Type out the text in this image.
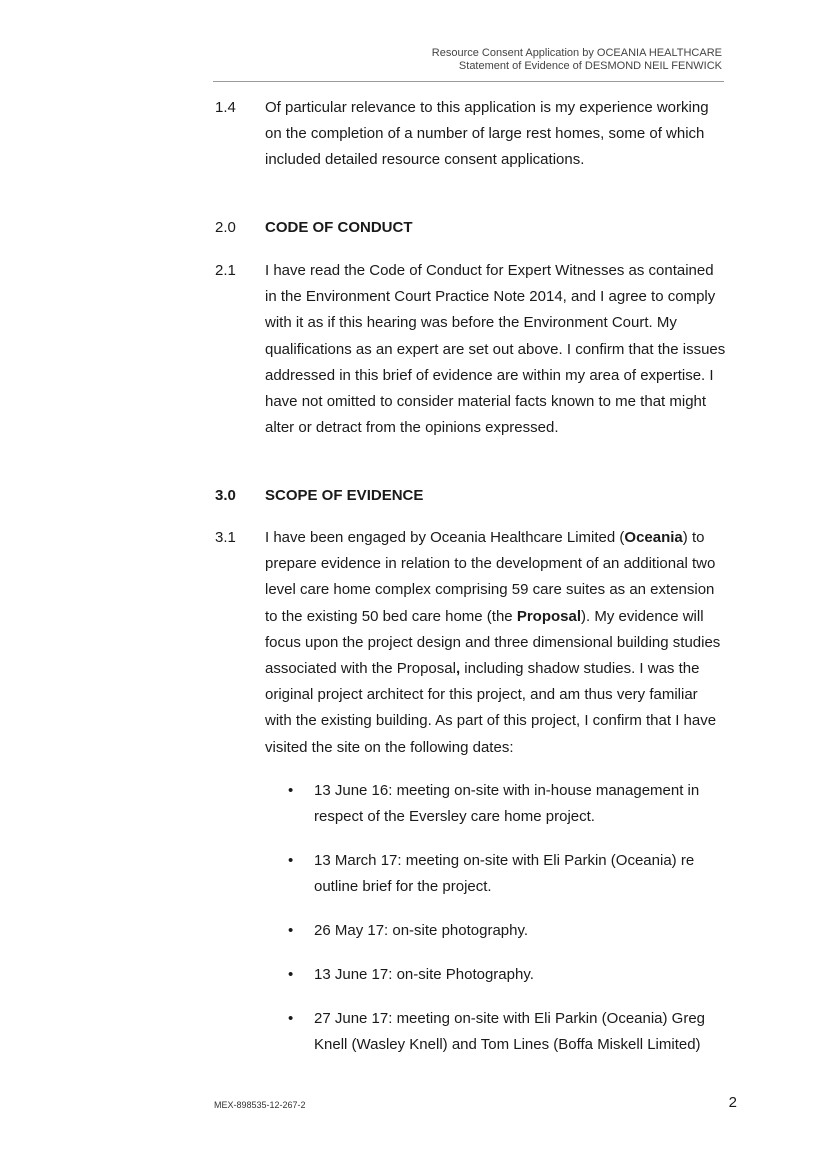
Resource Consent Application by OCEANIA HEALTHCARE
Statement of Evidence of DESMOND NEIL FENWICK
1.4	Of particular relevance to this application is my experience working on the completion of a number of large rest homes, some of which included detailed resource consent applications.
2.0	CODE OF CONDUCT
2.1	I have read the Code of Conduct for Expert Witnesses as contained in the Environment Court Practice Note 2014, and I agree to comply with it as if this hearing was before the Environment Court. My qualifications as an expert are set out above. I confirm that the issues addressed in this brief of evidence are within my area of expertise. I have not omitted to consider material facts known to me that might alter or detract from the opinions expressed.
3.0	SCOPE OF EVIDENCE
3.1	I have been engaged by Oceania Healthcare Limited (Oceania) to prepare evidence in relation to the development of an additional two level care home complex comprising 59 care suites as an extension to the existing 50 bed care home (the Proposal). My evidence will focus upon the project design and three dimensional building studies associated with the Proposal, including shadow studies. I was the original project architect for this project, and am thus very familiar with the existing building. As part of this project, I confirm that I have visited the site on the following dates:
• 13 June 16: meeting on-site with in-house management in respect of the Eversley care home project.
• 13 March 17: meeting on-site with Eli Parkin (Oceania) re outline brief for the project.
• 26 May 17: on-site photography.
• 13 June 17: on-site Photography.
• 27 June 17: meeting on-site with Eli Parkin (Oceania) Greg Knell (Wasley Knell) and Tom Lines (Boffa Miskell Limited)
MEX-898535-12-267-2	2
